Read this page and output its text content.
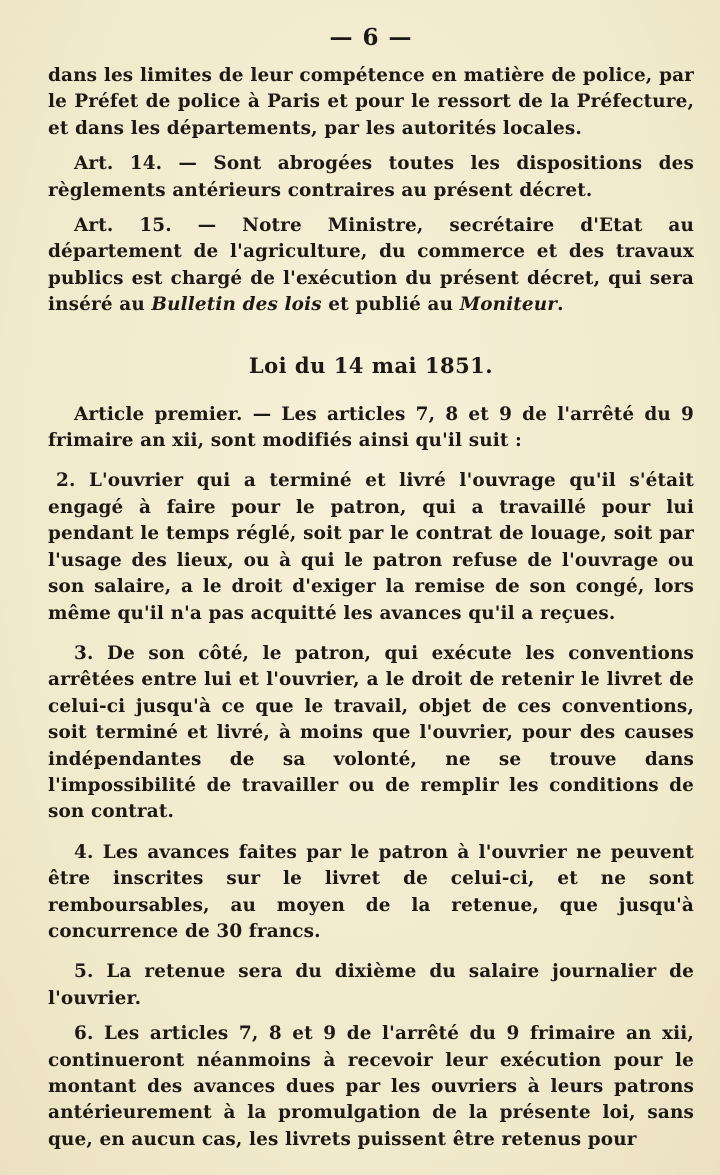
— 6 —

dans les limites de leur compétence en matière de police, par le Préfet de police à Paris et pour le ressort de la Préfecture, et dans les départements, par les autorités locales.

Art. 14. — Sont abrogées toutes les dispositions des règlements antérieurs contraires au présent décret.

Art. 15. — Notre Ministre, secrétaire d'Etat au département de l'agriculture, du commerce et des travaux publics est chargé de l'exécution du présent décret, qui sera inséré au Bulletin des lois et publié au Moniteur.

Loi du 14 mai 1851.

Article premier. — Les articles 7, 8 et 9 de l'arrêté du 9 frimaire an xii, sont modifiés ainsi qu'il suit :

2. L'ouvrier qui a terminé et livré l'ouvrage qu'il s'était engagé à faire pour le patron, qui a travaillé pour lui pendant le temps réglé, soit par le contrat de louage, soit par l'usage des lieux, ou à qui le patron refuse de l'ouvrage ou son salaire, a le droit d'exiger la remise de son congé, lors même qu'il n'a pas acquitté les avances qu'il a reçues.

3. De son côté, le patron, qui exécute les conventions arrêtées entre lui et l'ouvrier, a le droit de retenir le livret de celui-ci jusqu'à ce que le travail, objet de ces conventions, soit terminé et livré, à moins que l'ouvrier, pour des causes indépendantes de sa volonté, ne se trouve dans l'impossibilité de travailler ou de remplir les conditions de son contrat.

4. Les avances faites par le patron à l'ouvrier ne peuvent être inscrites sur le livret de celui-ci, et ne sont remboursables, au moyen de la retenue, que jusqu'à concurrence de 30 francs.

5. La retenue sera du dixième du salaire journalier de l'ouvrier.

6. Les articles 7, 8 et 9 de l'arrêté du 9 frimaire an xii, continueront néanmoins à recevoir leur exécution pour le montant des avances dues par les ouvriers à leurs patrons antérieurement à la promulgation de la présente loi, sans que, en aucun cas, les livrets puissent être retenus pour
